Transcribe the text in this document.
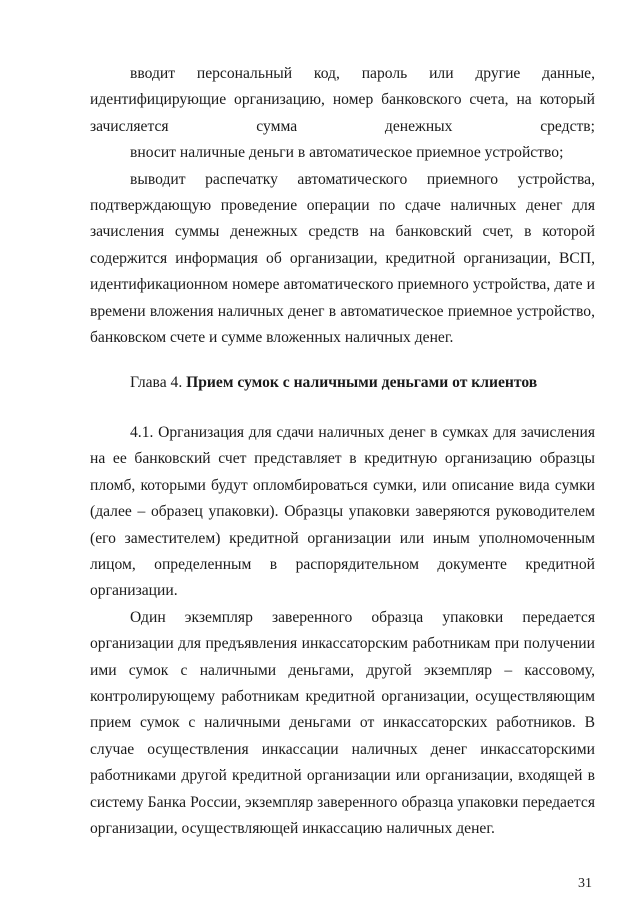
вводит персональный код, пароль или другие данные, идентифицирующие организацию, номер банковского счета, на который зачисляется сумма денежных средств;

вносит наличные деньги в автоматическое приемное устройство;

выводит распечатку автоматического приемного устройства, подтверждающую проведение операции по сдаче наличных денег для зачисления суммы денежных средств на банковский счет, в которой содержится информация об организации, кредитной организации, ВСП, идентификационном номере автоматического приемного устройства, дате и времени вложения наличных денег в автоматическое приемное устройство, банковском счете и сумме вложенных наличных денег.

Глава 4. Прием сумок с наличными деньгами от клиентов

4.1. Организация для сдачи наличных денег в сумках для зачисления на ее банковский счет представляет в кредитную организацию образцы пломб, которыми будут опломбироваться сумки, или описание вида сумки (далее – образец упаковки). Образцы упаковки заверяются руководителем (его заместителем) кредитной организации или иным уполномоченным лицом, определенным в распорядительном документе кредитной организации.

Один экземпляр заверенного образца упаковки передается организации для предъявления инкассаторским работникам при получении ими сумок с наличными деньгами, другой экземпляр – кассовому, контролирующему работникам кредитной организации, осуществляющим прием сумок с наличными деньгами от инкассаторских работников. В случае осуществления инкассации наличных денег инкассаторскими работниками другой кредитной организации или организации, входящей в систему Банка России, экземпляр заверенного образца упаковки передается организации, осуществляющей инкассацию наличных денег.

31
